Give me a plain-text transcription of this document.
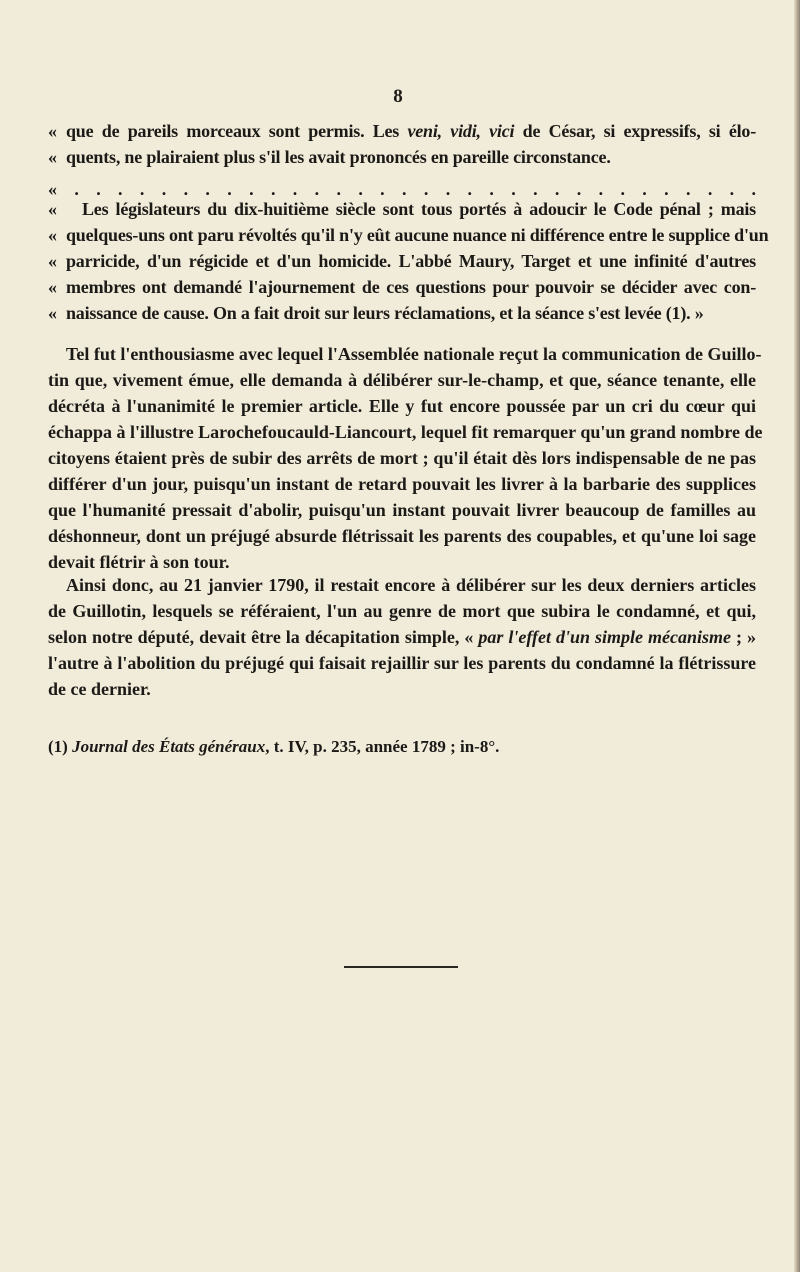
8
« que de pareils morceaux sont permis. Les veni, vidi, vici de César, si expressifs, si élo-
« quents, ne plairaient plus s'il les avait prononcés en pareille circonstance.
« . . . . . . . . . . . . . . . . . . . . . . . . . . . . . . . .
« Les législateurs du dix-huitième siècle sont tous portés à adoucir le Code pénal ; mais
« quelques-uns ont paru révoltés qu'il n'y eût aucune nuance ni différence entre le supplice d'un
« parricide, d'un régicide et d'un homicide. L'abbé Maury, Target et une infinité d'autres
« membres ont demandé l'ajournement de ces questions pour pouvoir se décider avec con-
« naissance de cause. On a fait droit sur leurs réclamations, et la séance s'est levée (1). »
Tel fut l'enthousiasme avec lequel l'Assemblée nationale reçut la communication de Guillo-
tin que, vivement émue, elle demanda à délibérer sur-le-champ, et que, séance tenante, elle
décréta à l'unanimité le premier article. Elle y fut encore poussée par un cri du cœur qui
échappa à l'illustre Larochefoucauld-Liancourt, lequel fit remarquer qu'un grand nombre de
citoyens étaient près de subir des arrêts de mort ; qu'il était dès lors indispensable de ne pas
différer d'un jour, puisqu'un instant de retard pouvait les livrer à la barbarie des supplices
que l'humanité pressait d'abolir, puisqu'un instant pouvait livrer beaucoup de familles au
déshonneur, dont un préjugé absurde flétrissait les parents des coupables, et qu'une loi sage
devait flétrir à son tour.
Ainsi donc, au 21 janvier 1790, il restait encore à délibérer sur les deux derniers articles
de Guillotin, lesquels se référaient, l'un au genre de mort que subira le condamné, et qui,
selon notre député, devait être la décapitation simple, « par l'effet d'un simple mécanisme ; »
l'autre à l'abolition du préjugé qui faisait rejaillir sur les parents du condamné la flétrissure
de ce dernier.
(1) Journal des États généraux, t. IV, p. 235, année 1789 ; in-8°.
